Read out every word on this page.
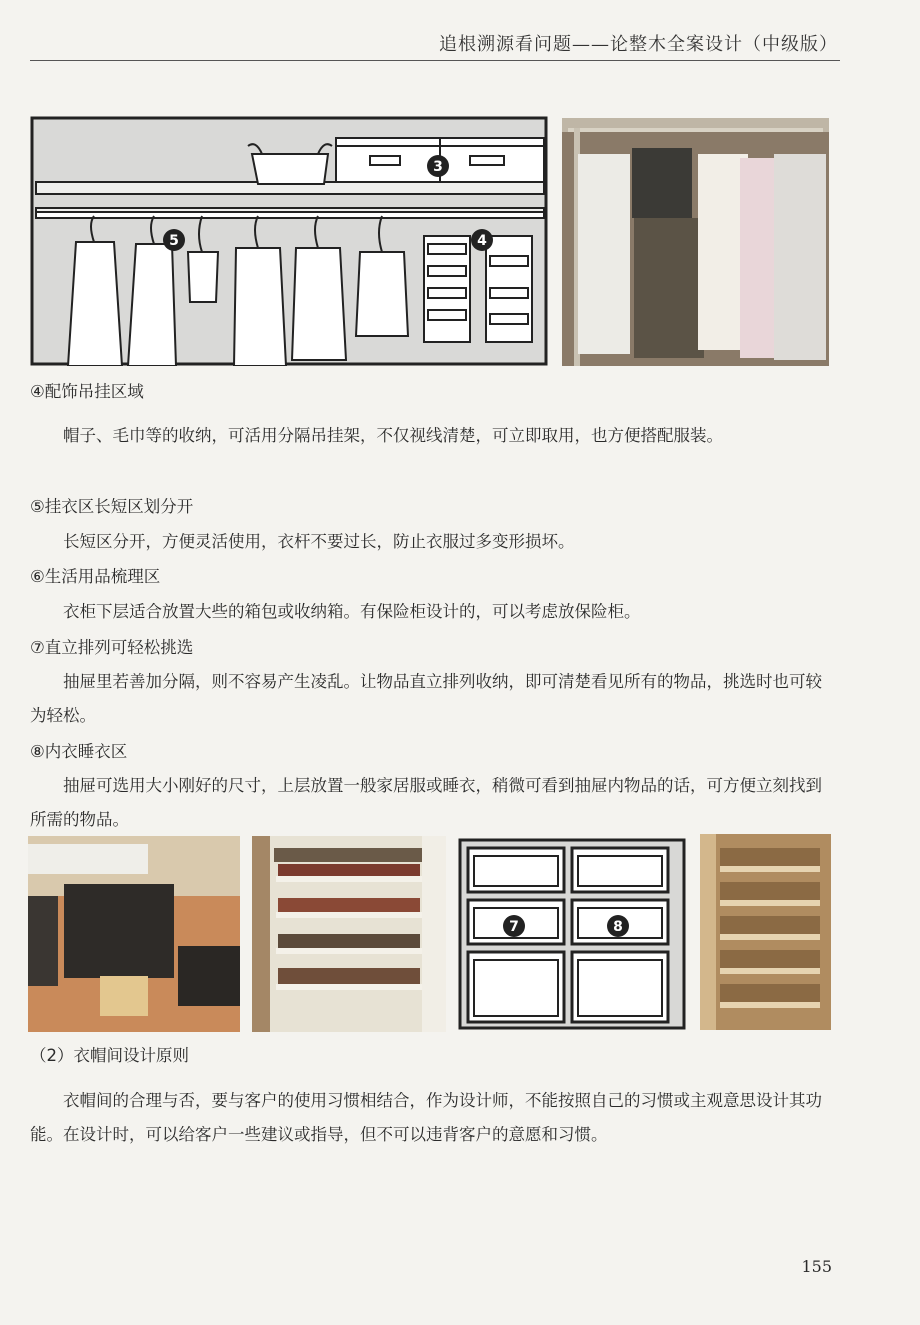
追根溯源看问题——论整木全案设计（中级版）
3
4
5
④配饰吊挂区域
帽子、毛巾等的收纳，可活用分隔吊挂架，不仅视线清楚，可立即取用，也方便搭配服装。
⑤挂衣区长短区划分开
长短区分开，方便灵活使用，衣杆不要过长，防止衣服过多变形损坏。
⑥生活用品梳理区
衣柜下层适合放置大些的箱包或收纳箱。有保险柜设计的，可以考虑放保险柜。
⑦直立排列可轻松挑选
抽屉里若善加分隔，则不容易产生凌乱。让物品直立排列收纳，即可清楚看见所有的物品，挑选时也可较为轻松。
⑧内衣睡衣区
抽屉可选用大小刚好的尺寸，上层放置一般家居服或睡衣，稍微可看到抽屉内物品的话，可方便立刻找到所需的物品。
7	8
（2）衣帽间设计原则
衣帽间的合理与否，要与客户的使用习惯相结合，作为设计师，不能按照自己的习惯或主观意思设计其功能。在设计时，可以给客户一些建议或指导，但不可以违背客户的意愿和习惯。
155
